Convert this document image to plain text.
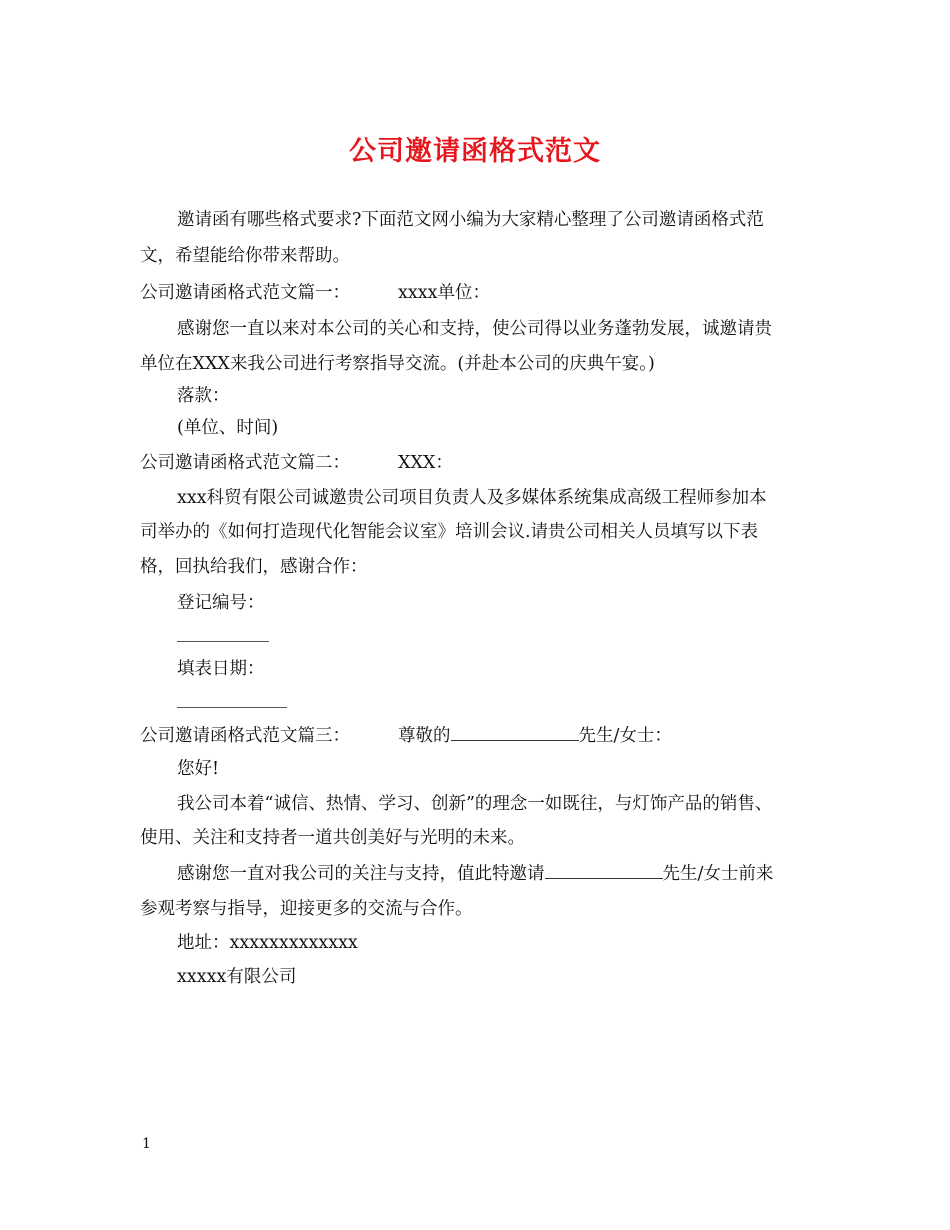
公司邀请函格式范文
邀请函有哪些格式要求?下面范文网小编为大家精心整理了公司邀请函格式范
文，希望能给你带来帮助。
公司邀请函格式范文篇一：	xxxx单位：
感谢您一直以来对本公司的关心和支持，使公司得以业务蓬勃发展，诚邀请贵
单位在XXX来我公司进行考察指导交流。(并赴本公司的庆典午宴。)
落款：
(单位、时间)
公司邀请函格式范文篇二：	XXX：
xxx科贸有限公司诚邀贵公司项目负责人及多媒体系统集成高级工程师参加本
司举办的《如何打造现代化智能会议室》培训会议.请贵公司相关人员填写以下表
格，回执给我们，感谢合作：
登记编号：
填表日期：
公司邀请函格式范文篇三：	尊敬的	先生/女士：
您好!
我公司本着“诚信、热情、学习、创新”的理念一如既往，与灯饰产品的销售、
使用、关注和支持者一道共创美好与光明的未来。
感谢您一直对我公司的关注与支持，值此特邀请	先生/女士前来
参观考察与指导，迎接更多的交流与合作。
地址：xxxxxxxxxxxxx
xxxxx有限公司
1
